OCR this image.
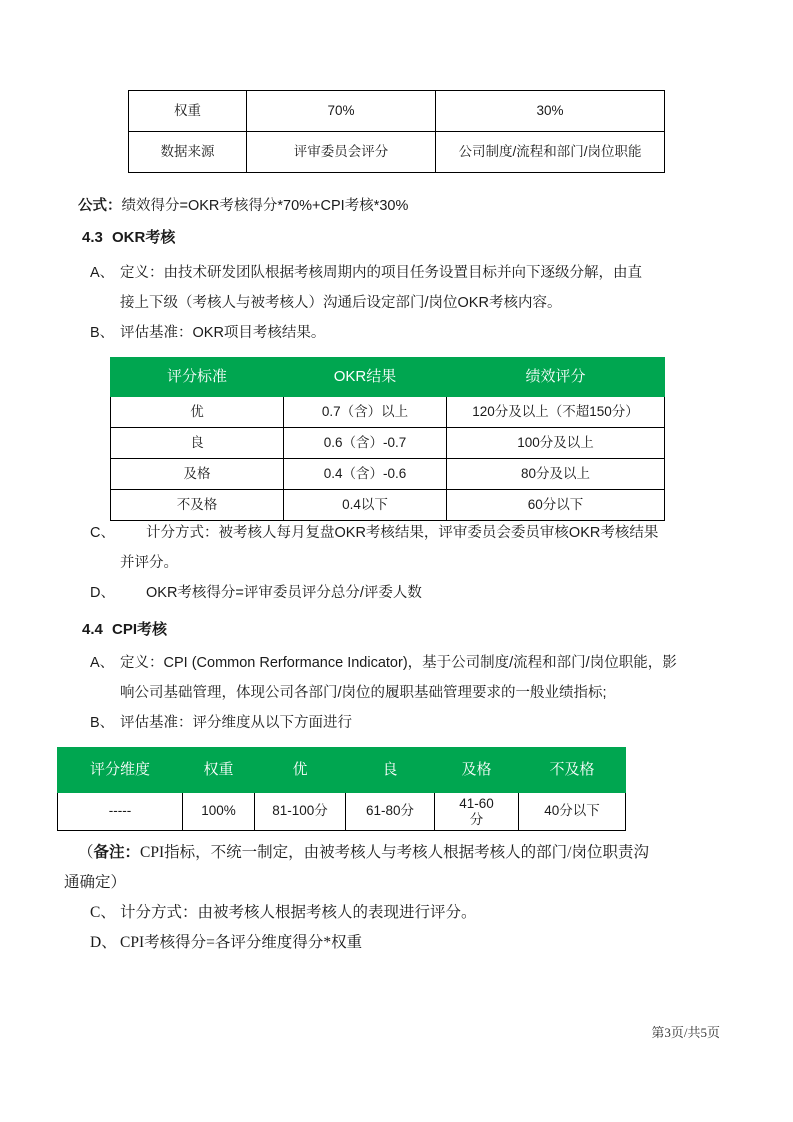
权重	70%	30%
数据来源	评审委员会评分	公司制度/流程和部门/岗位职能
公式：绩效得分=OKR考核得分*70%+CPI考核*30%
4.3 OKR考核
A、 定义：由技术研发团队根据考核周期内的项目任务设置目标并向下逐级分解，由直
接上下级（考核人与被考核人）沟通后设定部门/岗位OKR考核内容。
B、 评估基准：OKR项目考核结果。
评分标准	OKR结果	绩效评分
优	0.7（含）以上	120分及以上（不超150分）
良	0.6（含）-0.7	100分及以上
及格	0.4（含）-0.6	80分及以上
不及格	0.4以下	60分以下
C、	计分方式：被考核人每月复盘OKR考核结果，评审委员会委员审核OKR考核结果
并评分。
D、	OKR考核得分=评审委员评分总分/评委人数
4.4 CPI考核
A、 定义：CPI (Common Rerformance Indicator)，基于公司制度/流程和部门/岗位职能，影
响公司基础管理，体现公司各部门/岗位的履职基础管理要求的一般业绩指标;
B、 评估基准：评分维度从以下方面进行
评分维度	权重	优	良	及格	不及格
-----	100%	81-100分	61-80分	41-60
分	40分以下
（备注：CPI指标，不统一制定，由被考核人与考核人根据考核人的部门/岗位职责沟
通确定）
C、 计分方式：由被考核人根据考核人的表现进行评分。
D、 CPI考核得分=各评分维度得分*权重
第3页/共5页
